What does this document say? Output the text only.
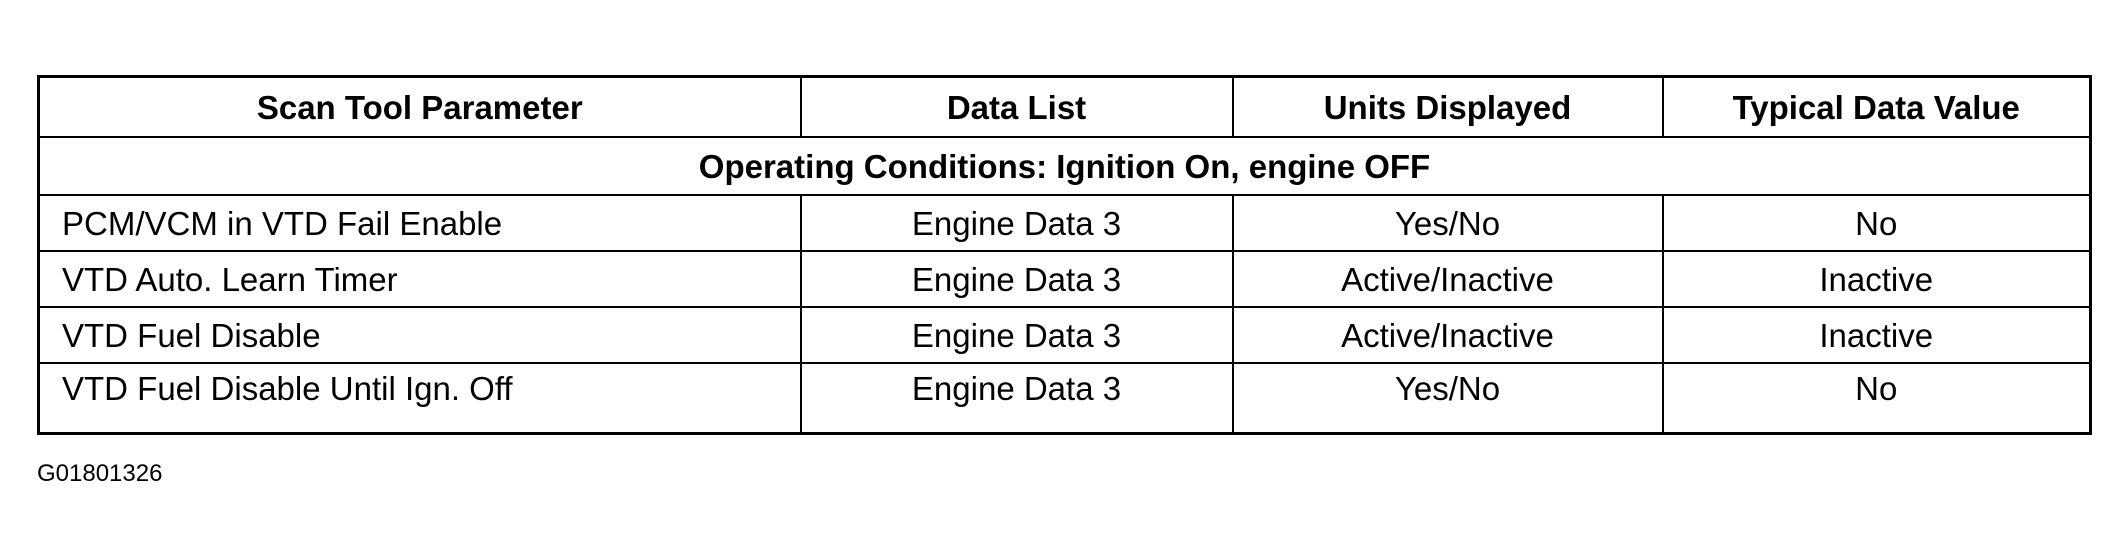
Scan Tool Parameter	Data List	Units Displayed	Typical Data Value
Operating Conditions: Ignition On, engine OFF			
PCM/VCM in VTD Fail Enable	Engine Data 3	Yes/No	No
VTD Auto. Learn Timer	Engine Data 3	Active/Inactive	Inactive
VTD Fuel Disable	Engine Data 3	Active/Inactive	Inactive
VTD Fuel Disable Until Ign. Off	Engine Data 3	Yes/No	No
G01801326
